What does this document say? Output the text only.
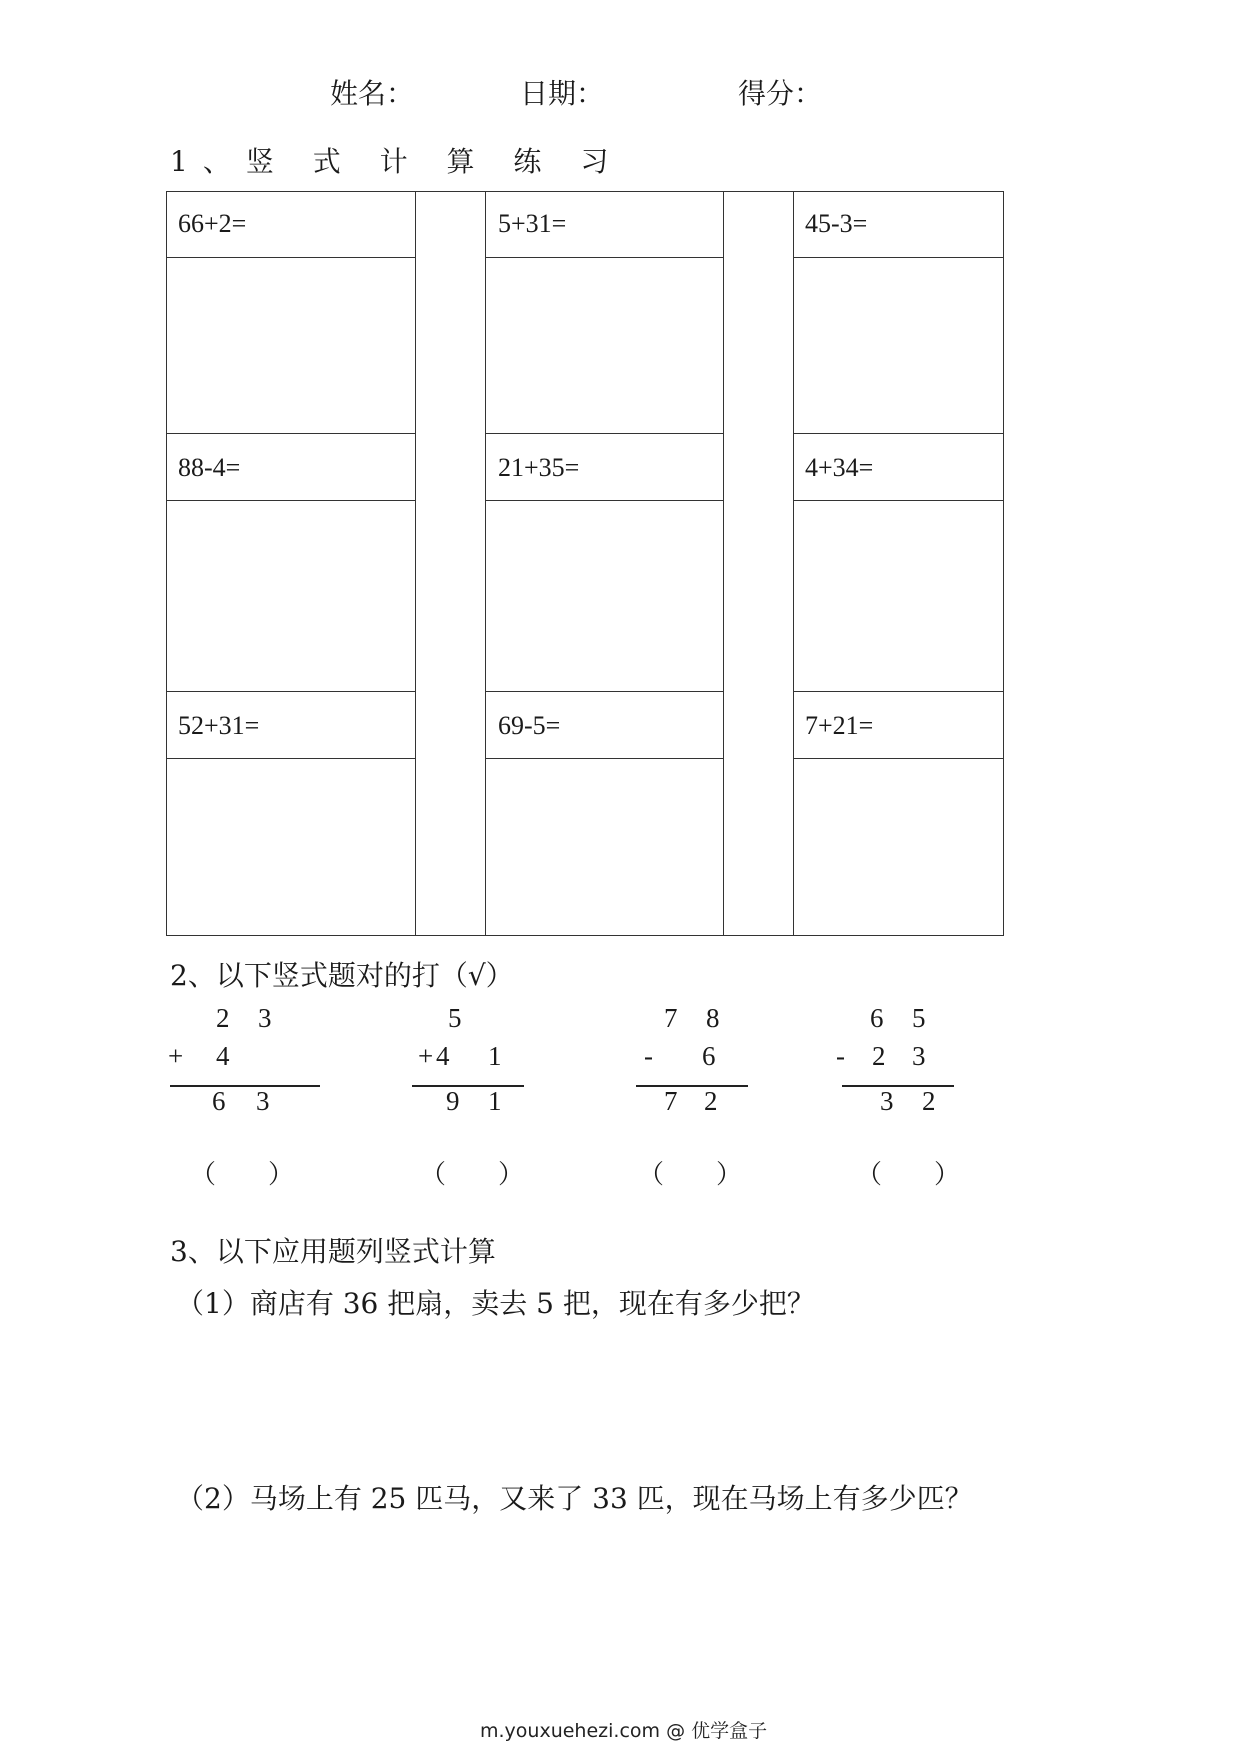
姓名：	日期：	得分：
1、竖 式 计 算 练 习
66+2=	5+31=	45-3=
88-4=	21+35=	4+34=
52+31=	69-5=	7+21=
2、以下竖式题对的打（√）
2 3
+ 4
6 3
（　　）
5
+ 4 1
9 1
（　　）
7 8
- 6
7 2
（　　）
6 5
- 2 3
3 2
（　　）
3、以下应用题列竖式计算
（1）商店有 36 把扇，卖去 5 把，现在有多少把？
（2）马场上有 25 匹马，又来了 33 匹，现在马场上有多少匹？
m.youxuehezi.com @ 优学盒子
